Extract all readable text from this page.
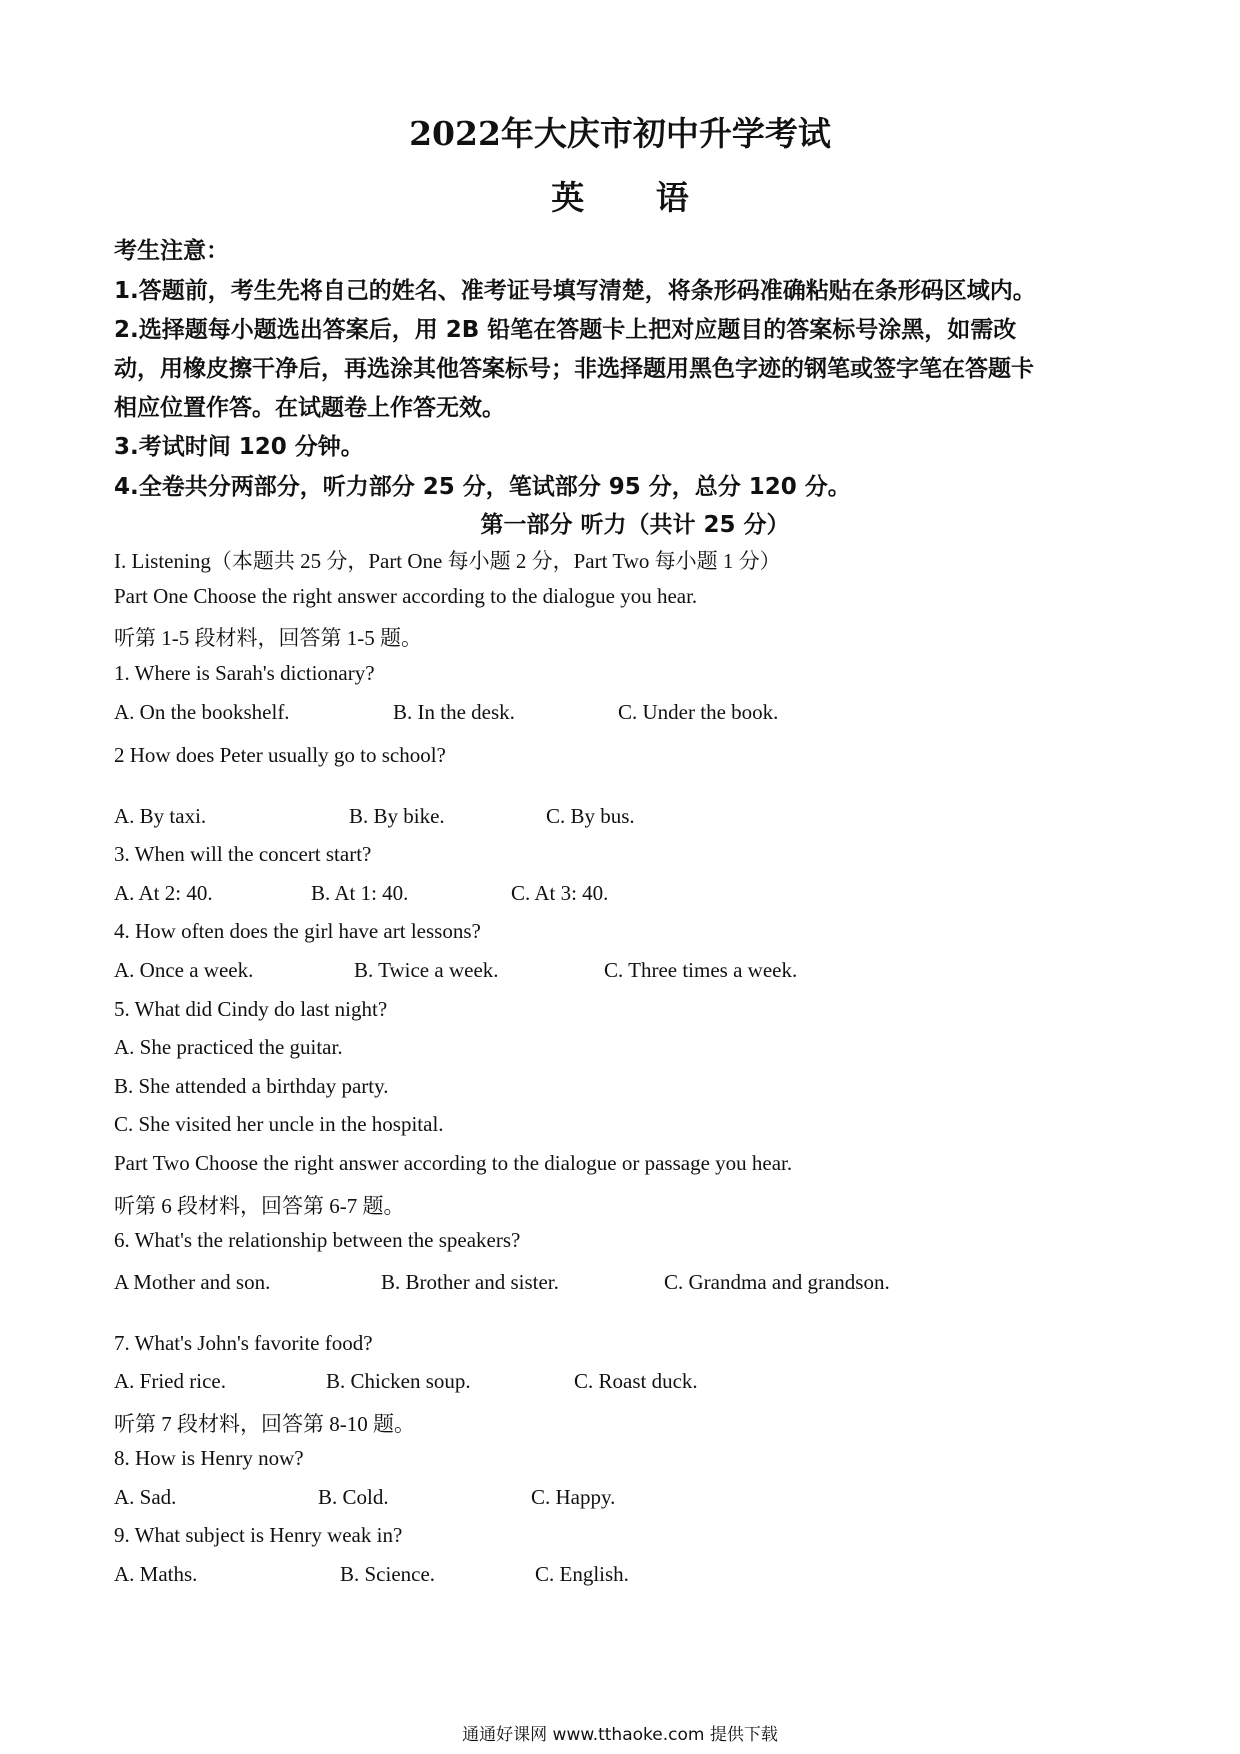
2022年大庆市初中升学考试
英 语
考生注意：
1.答题前，考生先将自己的姓名、准考证号填写清楚，将条形码准确粘贴在条形码区域内。
2.选择题每小题选出答案后，用 2B 铅笔在答题卡上把对应题目的答案标号涂黑，如需改
动，用橡皮擦干净后，再选涂其他答案标号；非选择题用黑色字迹的钢笔或签字笔在答题卡
相应位置作答。在试题卷上作答无效。
3.考试时间 120 分钟。
4.全卷共分两部分，听力部分 25 分，笔试部分 95 分，总分 120 分。
第一部分 听力（共计 25 分）
I. Listening（本题共 25 分，Part One 每小题 2 分，Part Two 每小题 1 分）
Part One Choose the right answer according to the dialogue you hear.
听第 1-5 段材料，回答第 1-5 题。
1. Where is Sarah's dictionary?
A. On the bookshelf.	B. In the desk.	C. Under the book.
2 How does Peter usually go to school?
A. By taxi.	B. By bike.	C. By bus.
3. When will the concert start?
A. At 2: 40.	B. At 1: 40.	C. At 3: 40.
4. How often does the girl have art lessons?
A. Once a week.	B. Twice a week.	C. Three times a week.
5. What did Cindy do last night?
A. She practiced the guitar.
B. She attended a birthday party.
C. She visited her uncle in the hospital.
Part Two Choose the right answer according to the dialogue or passage you hear.
听第 6 段材料，回答第 6-7 题。
6. What's the relationship between the speakers?
A Mother and son.	B. Brother and sister.	C. Grandma and grandson.
7. What's John's favorite food?
A. Fried rice.	B. Chicken soup.	C. Roast duck.
听第 7 段材料，回答第 8-10 题。
8. How is Henry now?
A. Sad.	B. Cold.	C. Happy.
9. What subject is Henry weak in?
A. Maths.	B. Science.	C. English.
通通好课网 www.tthaoke.com 提供下载
